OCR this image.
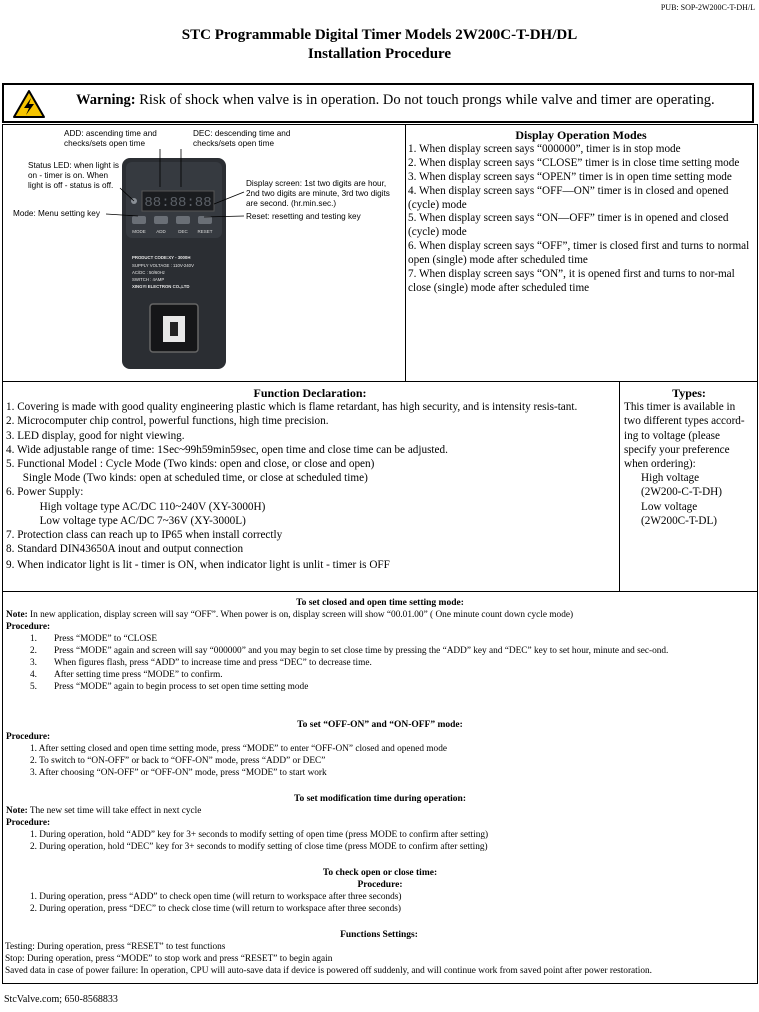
PUB: SOP-2W200C-T-DH/L
STC Programmable Digital Timer Models 2W200C-T-DH/DL
Installation Procedure
Warning: Risk of shock when valve is in operation. Do not touch prongs while valve and timer are operating.
88:88:88
MODE ADD	DEC RESET
PRODUCT CODE:XY - 3000H
SUPPLY VOLTAGE : 110V-240V
AC/DC : 50/60Hz
SWITCH : 4AMP
XINGYI ELECTRON CO.,LTD
ADD: ascending time and checks/sets open time
DEC: descending time and checks/sets open time
Status LED: when light is on - timer is on. When light is off - status is off.
Mode: Menu setting key
Display screen: 1st two digits are hour, 2nd two digits are minute, 3rd two digits are second. (hr.min.sec.)
Reset: resetting and testing key
Display Operation Modes

1. When display screen says “000000”, timer is in stop mode

2. When display screen says “CLOSE” timer is in close time setting mode

3. When display screen says “OPEN” timer is in open time setting mode

4. When display screen says “OFF—ON” timer is in closed and opened (cycle) mode

5. When display screen says “ON—OFF” timer is in opened and closed (cycle) mode

6. When display screen says “OFF”, timer is closed first and turns to normal open (single) mode after scheduled time

7. When display screen says “ON”, it is opened first and turns to nor-mal close (single) mode after scheduled time

Function Declaration:

1. Covering is made with good quality engineering plastic which is flame retardant, has high security, and is intensity resis-tant.

2. Microcomputer chip control, powerful functions, high time precision.

3. LED display, good for night viewing.

4. Wide adjustable range of time: 1Sec~99h59min59sec, open time and close time can be adjusted.

5. Functional Model : Cycle Mode (Two kinds: open and close, or close and open)

Single Mode (Two kinds: open at scheduled time, or close at scheduled time)

6. Power Supply:

High voltage type AC/DC 110~240V (XY-3000H)

Low voltage type AC/DC 7~36V (XY-3000L)

7. Protection class can reach up to IP65 when install correctly

8. Standard DIN43650A inout and output connection

9. When indicator light is lit - timer is ON, when indicator light is unlit - timer is OFF

Types:

This timer is available in two different types accord-ing to voltage (please specify your preference when ordering):

High voltage

(2W200-C-T-DH)

Low voltage

(2W200C-T-DL)

To set closed and open time setting mode:

Note: In new application, display screen will say “OFF”. When power is on, display screen will show “00.01.00” ( One minute count down cycle mode)

Procedure:

1.	Press “MODE” to “CLOSE
2.	Press “MODE” again and screen will say “000000” and you may begin to set close time by pressing the “ADD” key and “DEC” key to set hour, minute and sec-ond.
3.	When figures flash, press “ADD” to increase time and press “DEC” to decrease time.
4.	After setting time press “MODE” to confirm.
5.	Press “MODE” again to begin process to set open time setting mode
To set “OFF-ON” and “ON-OFF” mode:

Procedure:

1. After setting closed and open time setting mode, press “MODE” to enter “OFF-ON” closed and opened mode

2. To switch to “ON-OFF” or back to “OFF-ON” mode, press “ADD” or DEC”

3. After choosing “ON-OFF” or “OFF-ON” mode, press “MODE” to start work

To set modification time during operation:

Note: The new set time will take effect in next cycle

Procedure:

1. During operation, hold “ADD” key for 3+ seconds to modify setting of open time (press MODE to confirm after setting)

2. During operation, hold “DEC” key for 3+ seconds to modify setting of close time (press MODE to confirm after setting)

To check open or close time:
Procedure:

1. During operation, press “ADD” to check open time (will return to workspace after three seconds)

2. During operation, press “DEC” to check close time (will return to workspace after three seconds)

Functions Settings:

Testing: During operation, press “RESET” to test functions

Stop: During operation, press “MODE” to stop work and press “RESET” to begin again

Saved data in case of power failure: In operation, CPU will auto-save data if device is powered off suddenly, and will continue work from saved point after power restoration.

StcValve.com; 650-8568833
